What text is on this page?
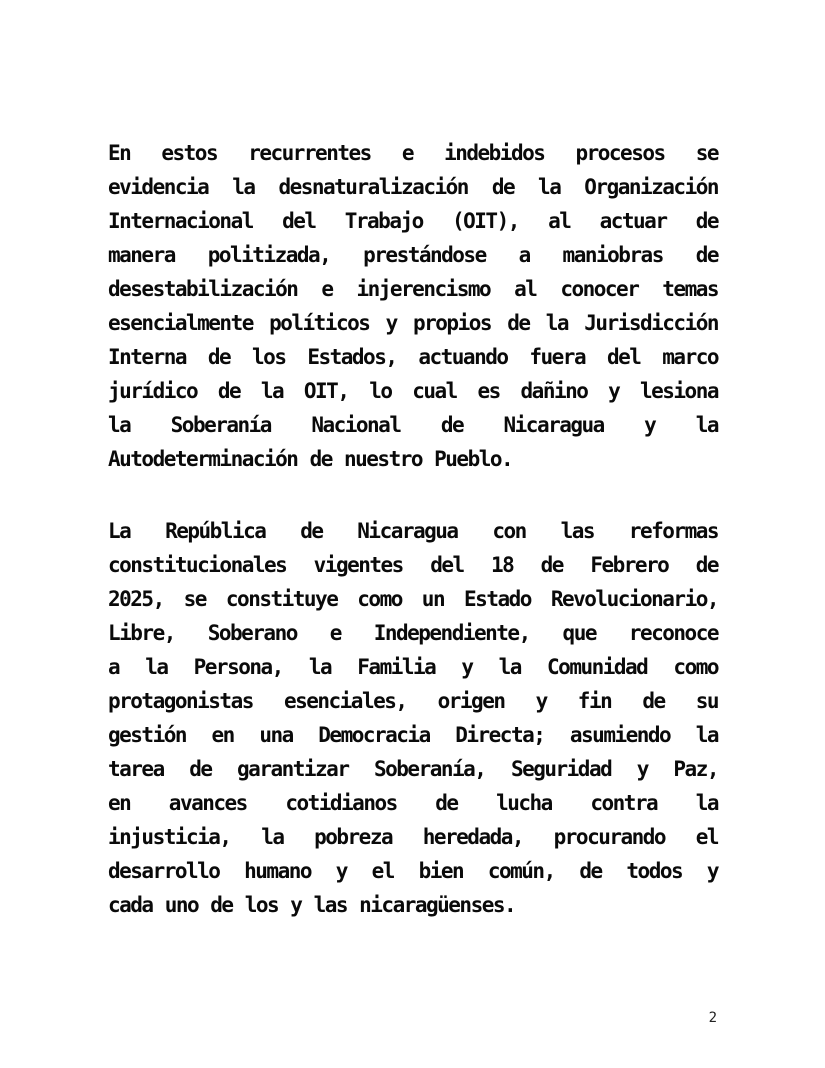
En estos recurrentes e indebidos procesos se
evidencia la desnaturalización de la Organización
Internacional del Trabajo (OIT), al actuar de
manera politizada, prestándose a maniobras de
desestabilización e injerencismo al conocer temas
esencialmente políticos y propios de la Jurisdicción
Interna de los Estados, actuando fuera del marco
jurídico de la OIT, lo cual es dañino y lesiona
la Soberanía Nacional de Nicaragua y la
Autodeterminación de nuestro Pueblo.
La República de Nicaragua con las reformas
constitucionales vigentes del 18 de Febrero de
2025, se constituye como un Estado Revolucionario,
Libre, Soberano e Independiente, que reconoce
a la Persona, la Familia y la Comunidad como
protagonistas esenciales, origen y fin de su
gestión en una Democracia Directa; asumiendo la
tarea de garantizar Soberanía, Seguridad y Paz,
en avances cotidianos de lucha contra la
injusticia, la pobreza heredada, procurando el
desarrollo humano y el bien común, de todos y
cada uno de los y las nicaragüenses.
2
